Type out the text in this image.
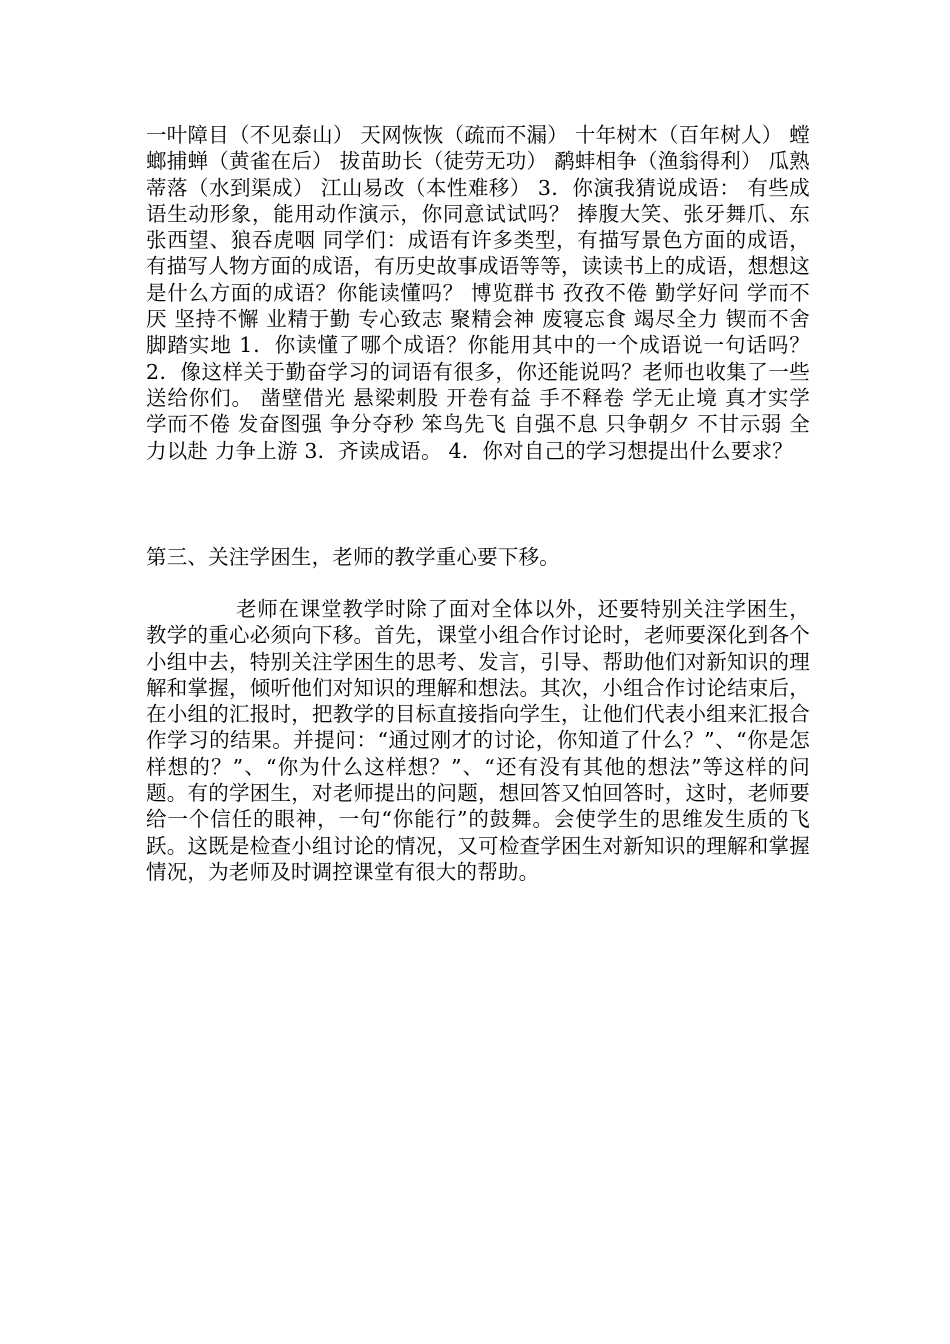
一叶障目（不见泰山） 天网恢恢（疏而不漏） 十年树木（百年树人） 螳螂捕蝉（黄雀在后） 拔苗助长（徒劳无功） 鹬蚌相争（渔翁得利） 瓜熟蒂落（水到渠成） 江山易改（本性难移） 3．你演我猜说成语： 有些成语生动形象，能用动作演示，你同意试试吗？ 捧腹大笑、张牙舞爪、东张西望、狼吞虎咽 同学们：成语有许多类型，有描写景色方面的成语，有描写人物方面的成语，有历史故事成语等等，读读书上的成语，想想这是什么方面的成语？你能读懂吗？ 博览群书 孜孜不倦 勤学好问 学而不厌 坚持不懈 业精于勤 专心致志 聚精会神 废寝忘食 竭尽全力 锲而不舍 脚踏实地 1．你读懂了哪个成语？你能用其中的一个成语说一句话吗？ 2．像这样关于勤奋学习的词语有很多，你还能说吗？老师也收集了一些送给你们。 凿壁借光 悬梁刺股 开卷有益 手不释卷 学无止境 真才实学 学而不倦 发奋图强 争分夺秒 笨鸟先飞 自强不息 只争朝夕 不甘示弱 全力以赴 力争上游 3．齐读成语。 4．你对自己的学习想提出什么要求？

第三、关注学困生，老师的教学重心要下移。

老师在课堂教学时除了面对全体以外，还要特别关注学困生，教学的重心必须向下移。首先，课堂小组合作讨论时，老师要深化到各个小组中去，特别关注学困生的思考、发言，引导、帮助他们对新知识的理解和掌握，倾听他们对知识的理解和想法。其次，小组合作讨论结束后，在小组的汇报时，把教学的目标直接指向学生，让他们代表小组来汇报合作学习的结果。并提问：“通过刚才的讨论，你知道了什么？”、“你是怎样想的？”、“你为什么这样想？”、“还有没有其他的想法”等这样的问题。有的学困生，对老师提出的问题，想回答又怕回答时，这时，老师要给一个信任的眼神，一句“你能行”的鼓舞。会使学生的思维发生质的飞跃。这既是检查小组讨论的情况，又可检查学困生对新知识的理解和掌握情况，为老师及时调控课堂有很大的帮助。
